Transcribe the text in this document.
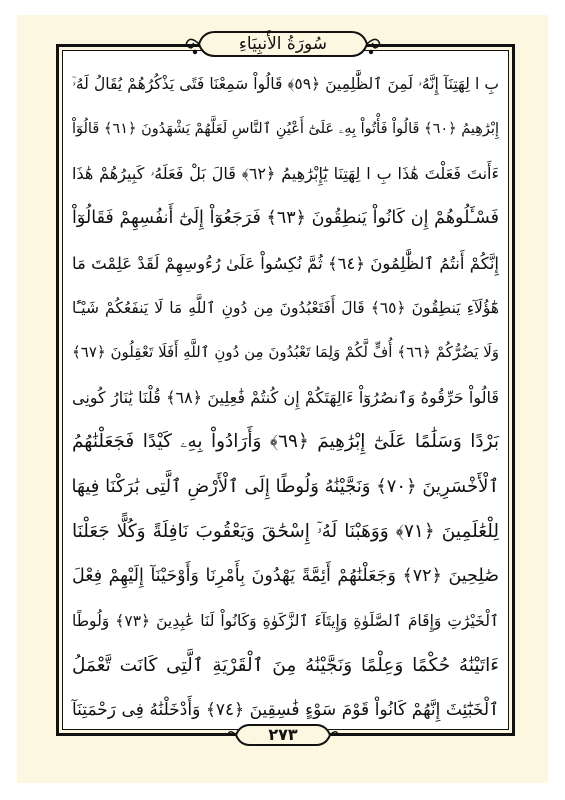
سُورَةُ الأَنبِيَاءِ
بِ ا لِهَتِنَآ إِنَّهُۥ لَمِنَ ٱلظَّٰلِمِينَ ﴿٥٩﴾ قَالُواْ سَمِعْنَا فَتًى يَذْكُرُهُمْ يُقَالُ لَهُۥٓ
إِبْرَٰهِيمُ ﴿٦٠﴾ قَالُواْ فَأْتُواْ بِهِۦ عَلَىٰٓ أَعْيُنِ ٱلنَّاسِ لَعَلَّهُمْ يَشْهَدُونَ ﴿٦١﴾ قَالُوٓاْ
ءَأَنتَ فَعَلْتَ هَٰذَا بِ ا لِهَتِنَا يَٰٓإِبْرَٰهِيمُ ﴿٦٢﴾ قَالَ بَلْ فَعَلَهُۥ كَبِيرُهُمْ هَٰذَا
فَسْـَٔلُوهُمْ إِن كَانُواْ يَنطِقُونَ ﴿٦٣﴾ فَرَجَعُوٓاْ إِلَىٰٓ أَنفُسِهِمْ فَقَالُوٓاْ
إِنَّكُمْ أَنتُمُ ٱلظَّٰلِمُونَ ﴿٦٤﴾ ثُمَّ نُكِسُواْ عَلَىٰ رُءُوسِهِمْ لَقَدْ عَلِمْتَ مَا
هَٰٓؤُلَآءِ يَنطِقُونَ ﴿٦٥﴾ قَالَ أَفَتَعْبُدُونَ مِن دُونِ ٱللَّهِ مَا لَا يَنفَعُكُمْ شَيْـًٔا
وَلَا يَضُرُّكُمْ ﴿٦٦﴾ أُفٍّ لَّكُمْ وَلِمَا تَعْبُدُونَ مِن دُونِ ٱللَّهِ أَفَلَا تَعْقِلُونَ ﴿٦٧﴾
قَالُواْ حَرِّقُوهُ وَٱنصُرُوٓاْ ءَالِهَتَكُمْ إِن كُنتُمْ فَٰعِلِينَ ﴿٦٨﴾ قُلْنَا يَٰنَارُ كُونِى
بَرْدًا وَسَلَٰمًا عَلَىٰٓ إِبْرَٰهِيمَ ﴿٦٩﴾ وَأَرَادُواْ بِهِۦ كَيْدًا فَجَعَلْنَٰهُمُ
ٱلْأَخْسَرِينَ ﴿٧٠﴾ وَنَجَّيْنَٰهُ وَلُوطًا إِلَى ٱلْأَرْضِ ٱلَّتِى بَٰرَكْنَا فِيهَا
لِلْعَٰلَمِينَ ﴿٧١﴾ وَوَهَبْنَا لَهُۥٓ إِسْحَٰقَ وَيَعْقُوبَ نَافِلَةً وَكُلًّا جَعَلْنَا
صَٰلِحِينَ ﴿٧٢﴾ وَجَعَلْنَٰهُمْ أَئِمَّةً يَهْدُونَ بِأَمْرِنَا وَأَوْحَيْنَآ إِلَيْهِمْ فِعْلَ
ٱلْخَيْرَٰتِ وَإِقَامَ ٱلصَّلَوٰةِ وَإِيتَآءَ ٱلزَّكَوٰةِ وَكَانُواْ لَنَا عَٰبِدِينَ ﴿٧٣﴾ وَلُوطًا
ءَاتَيْنَٰهُ حُكْمًا وَعِلْمًا وَنَجَّيْنَٰهُ مِنَ ٱلْقَرْيَةِ ٱلَّتِى كَانَت تَّعْمَلُ
ٱلْخَبَٰٓئِثَ إِنَّهُمْ كَانُواْ قَوْمَ سَوْءٍ فَٰسِقِينَ ﴿٧٤﴾ وَأَدْخَلْنَٰهُ فِى رَحْمَتِنَآ
٢٧٣
